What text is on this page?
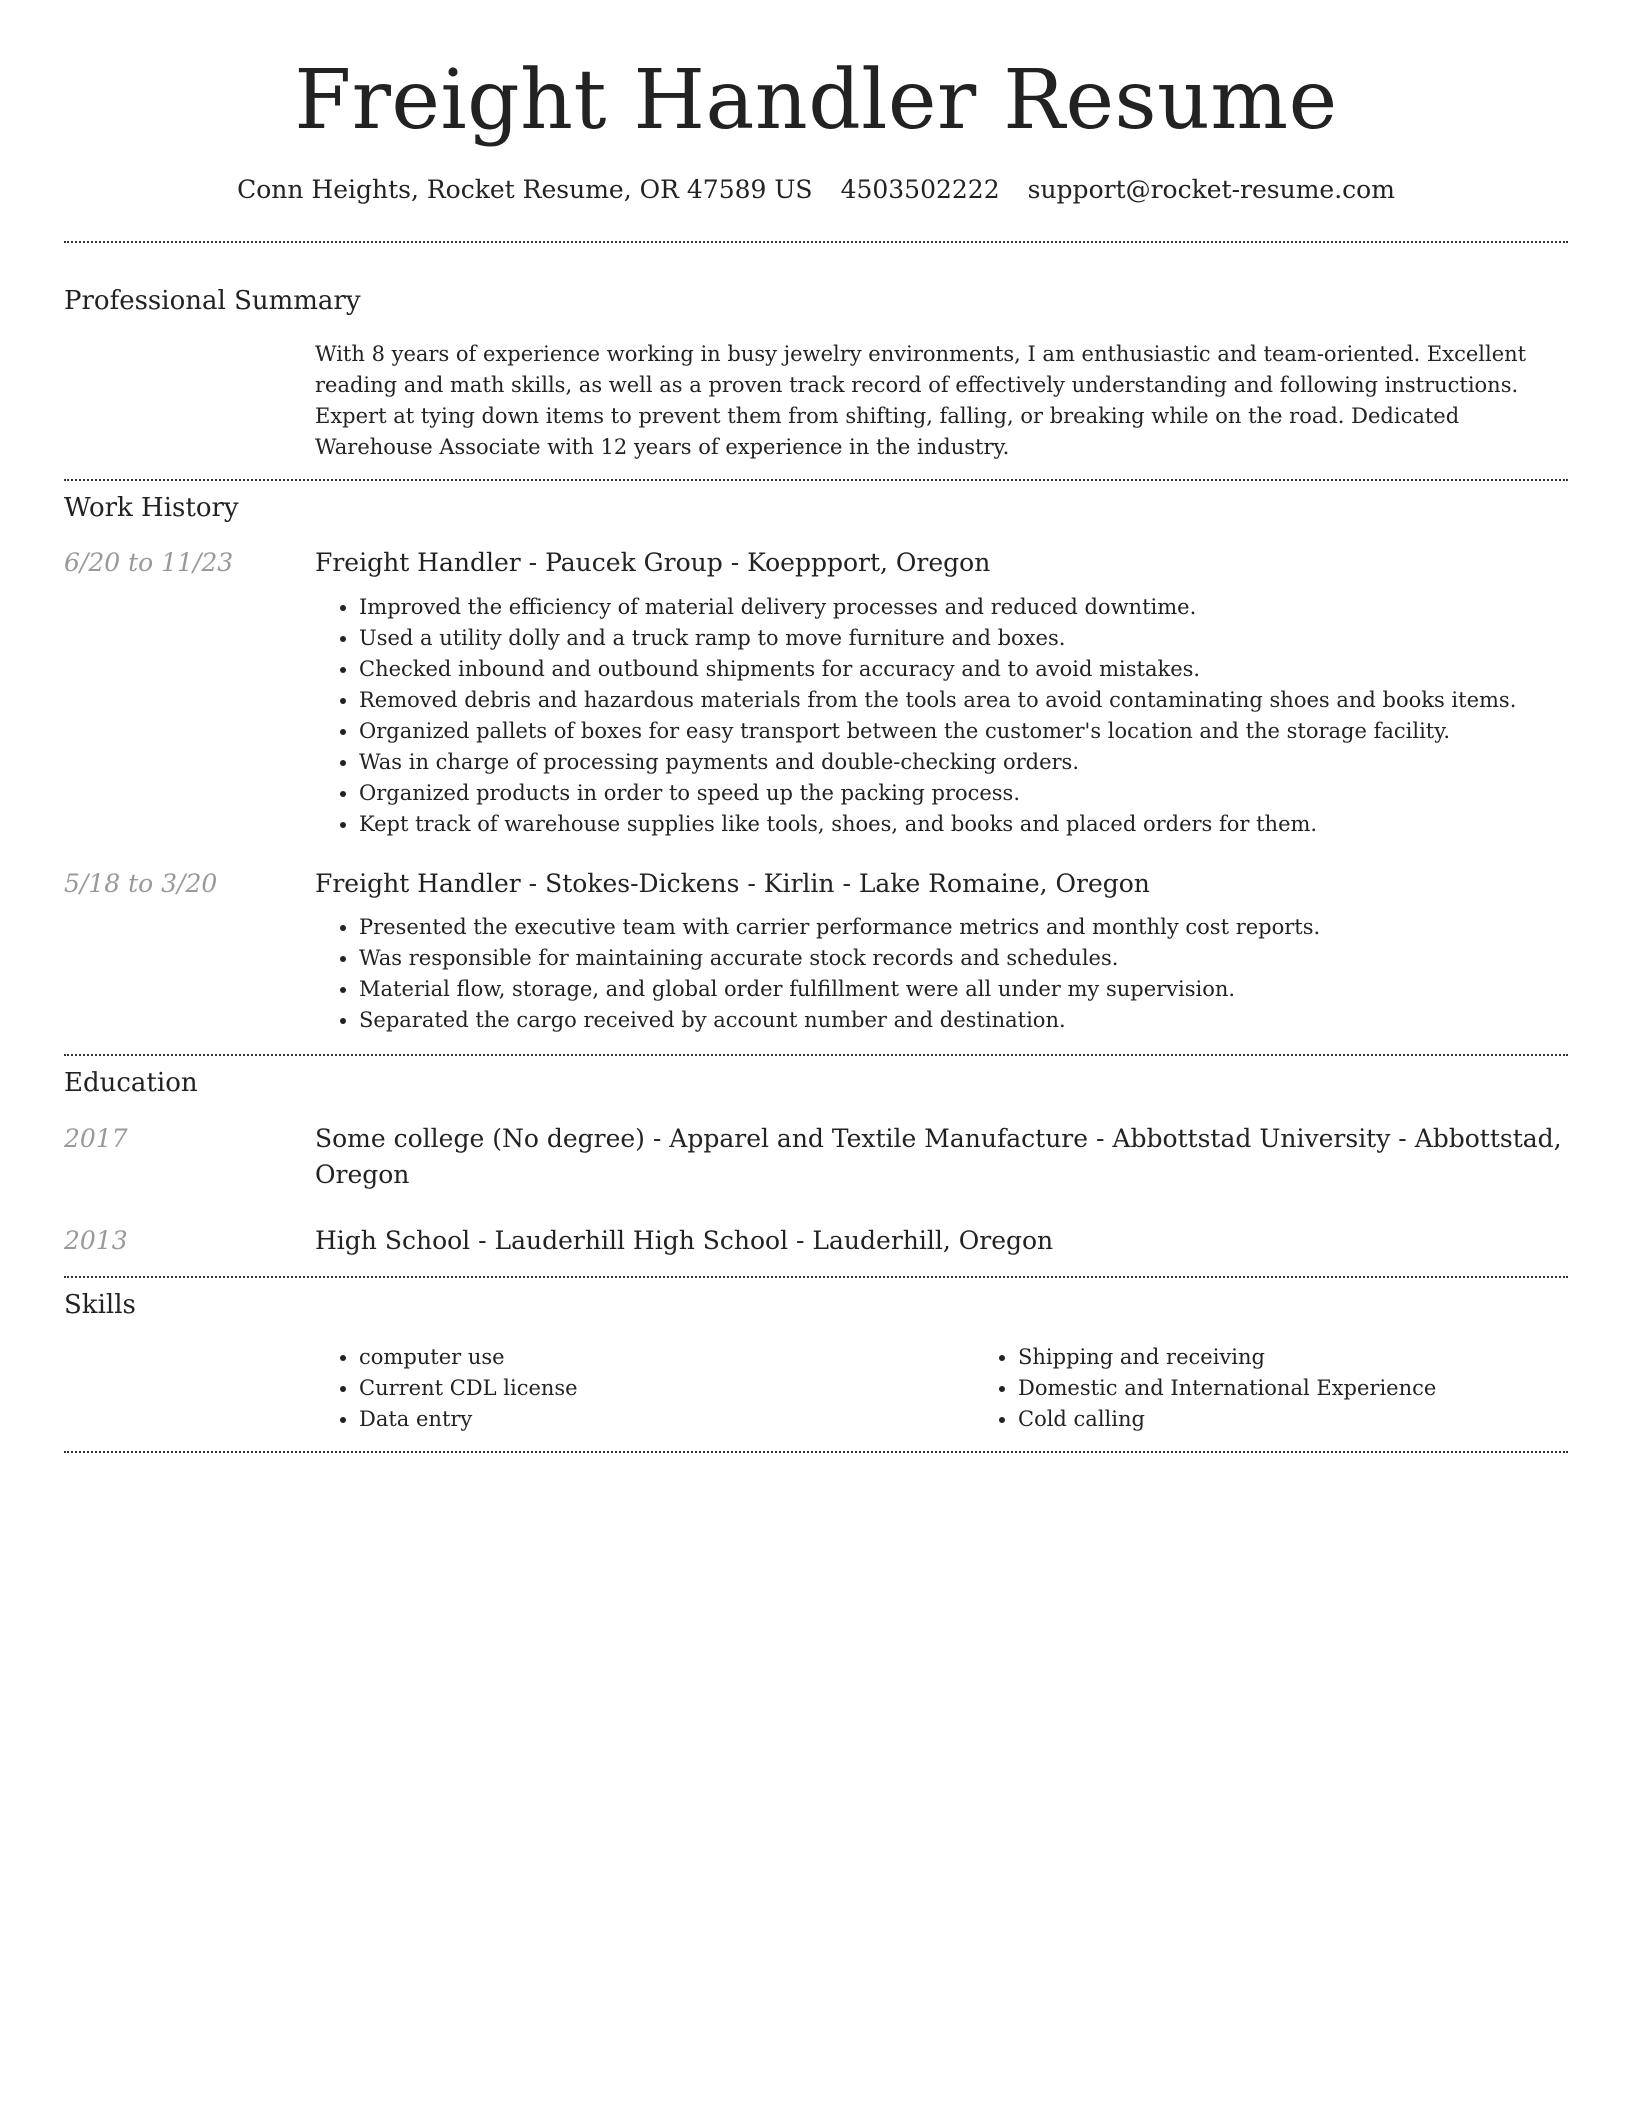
Freight Handler Resume
Conn Heights, Rocket Resume, OR 47589 US 4503502222 support@rocket-resume.com
Professional Summary
With 8 years of experience working in busy jewelry environments, I am enthusiastic and team-oriented. Excellent reading and math skills, as well as a proven track record of effectively understanding and following instructions. Expert at tying down items to prevent them from shifting, falling, or breaking while on the road. Dedicated Warehouse Associate with 12 years of experience in the industry.
Work History
6/20 to 11/23	Freight Handler - Paucek Group - Koeppport, Oregon
• Improved the efficiency of material delivery processes and reduced downtime.
• Used a utility dolly and a truck ramp to move furniture and boxes.
• Checked inbound and outbound shipments for accuracy and to avoid mistakes.
• Removed debris and hazardous materials from the tools area to avoid contaminating shoes and books items.
• Organized pallets of boxes for easy transport between the customer's location and the storage facility.
• Was in charge of processing payments and double-checking orders.
• Organized products in order to speed up the packing process.
• Kept track of warehouse supplies like tools, shoes, and books and placed orders for them.
5/18 to 3/20	Freight Handler - Stokes-Dickens - Kirlin - Lake Romaine, Oregon
• Presented the executive team with carrier performance metrics and monthly cost reports.
• Was responsible for maintaining accurate stock records and schedules.
• Material flow, storage, and global order fulfillment were all under my supervision.
• Separated the cargo received by account number and destination.
Education
2017	Some college (No degree) - Apparel and Textile Manufacture - Abbottstad University - Abbottstad, Oregon
2013	High School - Lauderhill High School - Lauderhill, Oregon
Skills
• computer use
• Current CDL license
• Data entry
• Shipping and receiving
• Domestic and International Experience
• Cold calling
